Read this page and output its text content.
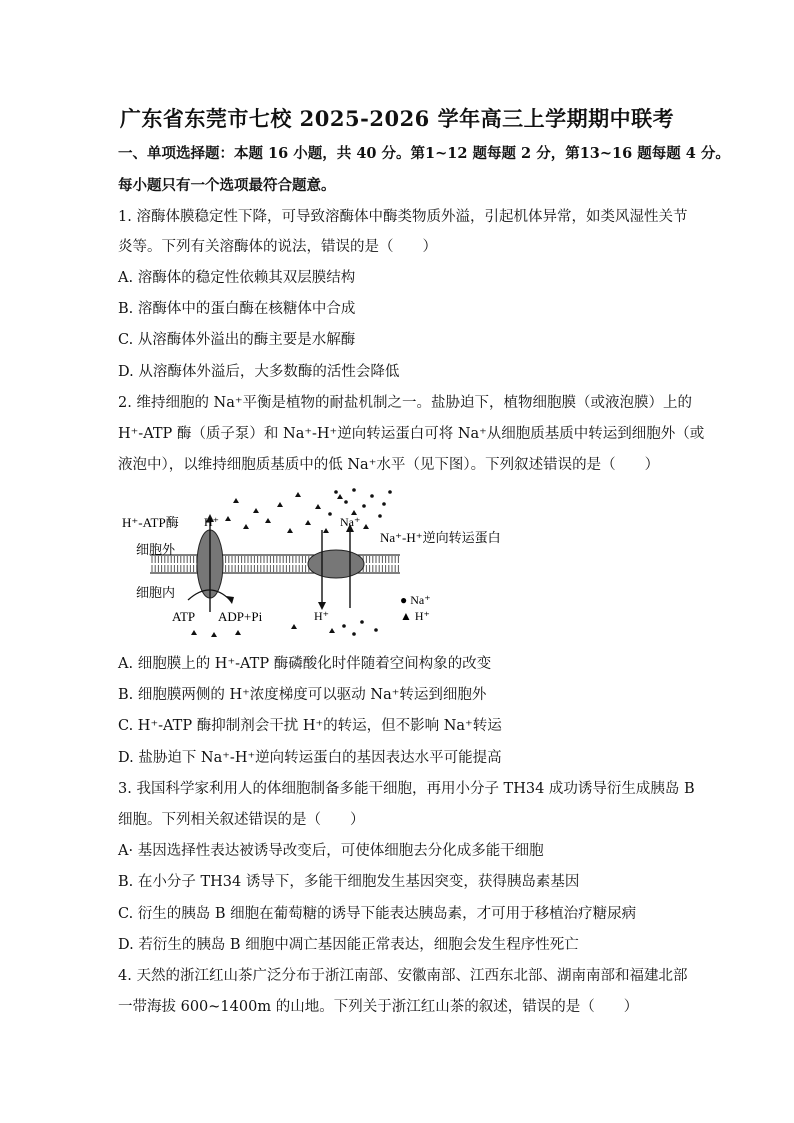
广东省东莞市七校 2025-2026 学年高三上学期期中联考
一、单项选择题：本题 16 小题，共 40 分。第1~12 题每题 2 分，第13~16 题每题 4 分。
每小题只有一个选项最符合题意。
1. 溶酶体膜稳定性下降，可导致溶酶体中酶类物质外溢，引起机体异常，如类风湿性关节
炎等。下列有关溶酶体的说法，错误的是（　　）
A. 溶酶体的稳定性依赖其双层膜结构
B. 溶酶体中的蛋白酶在核糖体中合成
C. 从溶酶体外溢出的酶主要是水解酶
D. 从溶酶体外溢后，大多数酶的活性会降低
2. 维持细胞的 Na⁺平衡是植物的耐盐机制之一。盐胁迫下，植物细胞膜（或液泡膜）上的
H⁺-ATP 酶（质子泵）和 Na⁺-H⁺逆向转运蛋白可将 Na⁺从细胞质基质中转运到细胞外（或
液泡中），以维持细胞质基质中的低 Na⁺水平（见下图）。下列叙述错误的是（　　）
H⁺-ATP酶 H⁺
细胞外
细胞内
Na⁺
Na⁺-H⁺逆向转运蛋白
H⁺
ATP ADP+Pi
● Na⁺
▲ H⁺
A. 细胞膜上的 H⁺-ATP 酶磷酸化时伴随着空间构象的改变
B. 细胞膜两侧的 H⁺浓度梯度可以驱动 Na⁺转运到细胞外
C. H⁺-ATP 酶抑制剂会干扰 H⁺的转运，但不影响 Na⁺转运
D. 盐胁迫下 Na⁺-H⁺逆向转运蛋白的基因表达水平可能提高
3. 我国科学家利用人的体细胞制备多能干细胞，再用小分子 TH34 成功诱导衍生成胰岛 B
细胞。下列相关叙述错误的是（　　）
A· 基因选择性表达被诱导改变后，可使体细胞去分化成多能干细胞
B. 在小分子 TH34 诱导下，多能干细胞发生基因突变，获得胰岛素基因
C. 衍生的胰岛 B 细胞在葡萄糖的诱导下能表达胰岛素，才可用于移植治疗糖尿病
D. 若衍生的胰岛 B 细胞中凋亡基因能正常表达，细胞会发生程序性死亡
4. 天然的浙江红山茶广泛分布于浙江南部、安徽南部、江西东北部、湖南南部和福建北部
一带海拔 600~1400m 的山地。下列关于浙江红山茶的叙述，错误的是（　　）
